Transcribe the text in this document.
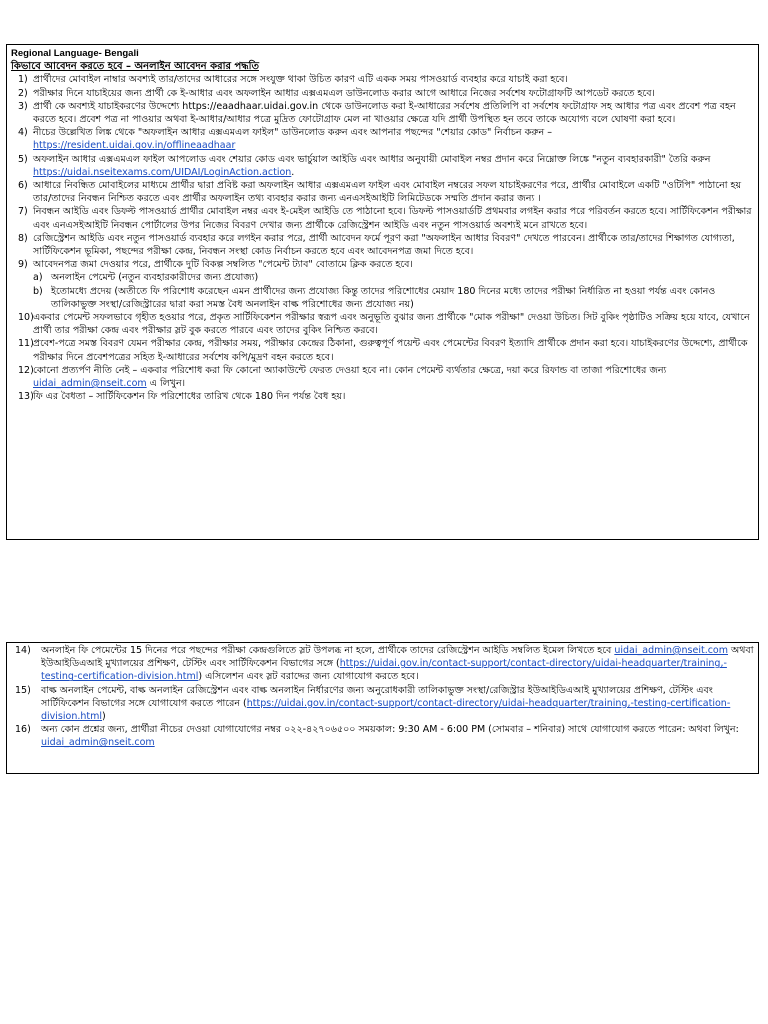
Regional Language- Bengali
কিভাবে আবেদন করতে হবে – অনলাইন আবেদন করার পদ্ধতি
1) প্রার্থীদের মোবাইল নাম্বার অবশ্যই তার/তাদের আধারের সঙ্গে সংযুক্ত থাকা উচিত কারণ এটি একক সময় পাসওয়ার্ড ব্যবহার করে যাচাই করা হবে।
2) পরীক্ষার দিনে যাচাইয়ের জন্য প্রার্থী কে ই-আধার এবং অফলাইন আধার এক্সএমএল ডাউনলোড করার আগে আধারে নিজের সর্বশেষ ফটোগ্রাফটি আপডেট করতে হবে।
3) প্রার্থী কে অবশ্যই যাচাইকরণের উদ্দেশ্যে https://eaadhaar.uidai.gov.in থেকে ডাউনলোড করা ই-আধারের সর্বশেষ প্রতিলিপি বা সর্বশেষ ফটোগ্রাফ সহ আধার পত্র এবং প্রবেশ পত্র বহন করতে হবে। প্রবেশ পত্র না পাওয়ার অথবা ই-আধার/আধার পত্রে মুদ্রিত ফোটোগ্রাফ মেল না খাওয়ার ক্ষেত্রে যদি প্রার্থী উপস্থিত হন তবে তাকে অযোগ্য বলে ঘোষণা করা হবে।
4) নীচের উল্লেখিত লিঙ্ক থেকে "অফলাইন আধার এক্সএমএল ফাইল" ডাউনলোড করুন এবং আপনার পছন্দের "শেয়ার কোড" নির্বাচন করুন – https://resident.uidai.gov.in/offlineaadhaar
5) অফলাইন আধার এক্সএমএল ফাইল আপলোড এবং শেয়ার কোড এবং ভার্চুয়াল আইডি এবং আধার অনুযায়ী মোবাইল নম্বর প্রদান করে নিম্নোক্ত লিঙ্কে "নতুন ব্যবহারকারী" তৈরি করুন https://uidai.nseitexams.com/UIDAI/LoginAction.action.
6) আধারে নিবন্ধিত মোবাইলের মাধ্যমে প্রার্থীর দ্বারা প্রবিষ্ট করা অফলাইন আধার এক্সএমএল ফাইল এবং মোবাইল নম্বরের সফল যাচাইকরণের পরে, প্রার্থীর মোবাইলে একটি "ওটিপি" পাঠানো হয় তার/তাদের নিবন্ধন নিশ্চিত করতে এবং প্রার্থীর অফলাইন তথ্য ব্যবহার করার জন্য এনএসইআইটি লিমিটেডকে সম্মতি প্রদান করার জন্য ।
7) নিবন্ধন আইডি এবং ডিফল্ট পাসওয়ার্ড প্রার্থীর মোবাইল নম্বর এবং ই-মেইল আইডি তে পাঠানো হবে। ডিফল্ট পাসওয়ার্ডটি প্রথমবার লগইন করার পরে পরিবর্তন করতে হবে। সার্টিফিকেশন পরীক্ষার এবং এনএসইআইটি নিবন্ধন পোর্টালের উপর নিজের বিবরণ দেখার জন্য প্রার্থীকে রেজিস্ট্রেশন আইডি এবং নতুন পাসওয়ার্ড অবশ্যই মনে রাখতে হবে।
8) রেজিস্ট্রেশন আইডি এবং নতুন পাসওয়ার্ড ব্যবহার করে লগইন করার পরে, প্রার্থী আবেদন ফর্মে পূরণ করা "অফলাইন আধার বিবরণ" দেখতে পারবেন। প্রার্থীকে তার/তাদের শিক্ষাগত যোগ্যতা, সার্টিফিকেশন ভূমিকা, পছন্দের পরীক্ষা কেন্দ্র, নিবন্ধন সংস্থা কোড নির্বাচন করতে হবে এবং আবেদনপত্র জমা দিতে হবে।
9) আবেদনপত্র জমা দেওয়ার পরে, প্রার্থীকে দুটি বিকল্প সম্বলিত "পেমেন্ট ট্যাব" বোতামে ক্লিক করতে হবে।
a) অনলাইন পেমেন্ট (নতুন ব্যবহারকারীদের জন্য প্রযোজ্য)
b) ইতোমধ্যে প্রদেয় (অতীতে ফি পরিশোধ করেছেন এমন প্রার্থীদের জন্য প্রযোজ্য কিন্তু তাদের পরিশোধের মেয়াদ 180 দিনের মধ্যে তাদের পরীক্ষা নির্ধারিত না হওয়া পর্যন্ত এবং কোনও তালিকাভুক্ত সংস্থা/রেজিস্ট্রারের দ্বারা করা সমস্ত বৈধ অনলাইন বাল্ক পরিশোধের জন্য প্রযোজ্য নয়)
10) একবার পেমেন্ট সফলভাবে গৃহীত হওয়ার পরে, প্রকৃত সার্টিফিকেশন পরীক্ষার স্বরূপ এবং অনুভূতি বুঝার জন্য প্রার্থীকে "মোক পরীক্ষা" দেওয়া উচিত। সিট বুকিং পৃষ্ঠাটিও সক্রিয় হয়ে যাবে, যেখানে প্রার্থী তার পরীক্ষা কেন্দ্র এবং পরীক্ষার স্লট বুক করতে পারবে এবং তাদের বুকিং নিশ্চিত করবে।
11) প্রবেশ-পত্রে সমস্ত বিবরণ যেমন পরীক্ষার কেন্দ্র, পরীক্ষার সময়, পরীক্ষার কেন্দ্রের ঠিকানা, গুরুত্বপূর্ণ পয়েন্ট এবং পেমেন্টের বিবরণ ইত্যাদি প্রার্থীকে প্রদান করা হবে। যাচাইকরণের উদ্দেশ্যে, প্রার্থীকে পরীক্ষার দিনে প্রবেশপত্রের সহিত ই-আধারের সর্বশেষ কপি/মুদ্রণ বহন করতে হবে।
12) কোনো প্রত্যর্পণ নীতি নেই – একবার পরিশোধ করা ফি কোনো অ্যাকাউন্টে ফেরত দেওয়া হবে না। কোন পেমেন্ট ব্যর্থতার ক্ষেত্রে, দয়া করে রিফান্ড বা তাজা পরিশোধের জন্য uidai_admin@nseit.com এ লিখুন।
13) ফি এর বৈধতা – সার্টিফিকেশন ফি পরিশোধের তারিখ থেকে 180 দিন পর্যন্ত বৈধ হয়।
14) অনলাইন ফি পেমেন্টের 15 দিনের পরে পছন্দের পরীক্ষা কেন্দ্রগুলিতে স্লট উপলব্ধ না হলে, প্রার্থীকে তাদের রেজিস্ট্রেশন আইডি সম্বলিত ইমেল লিখতে হবে uidai_admin@nseit.com অথবা ইউআইডিএআই মুখ্যালয়ের প্রশিক্ষণ, টেস্টিং এবং সার্টিফিকেশন বিভাগের সঙ্গে (https://uidai.gov.in/contact-support/contact-directory/uidai-headquarter/training,-testing-certification-division.html) এসিলেশন এবং স্লট বরাদ্দের জন্য যোগাযোগ করতে হবে।
15) বাল্ক অনলাইন পেমেন্ট, বাল্ক অনলাইন রেজিস্ট্রেশন এবং বাল্ক অনলাইন নির্ধারণের জন্য অনুরোধকারী তালিকাভুক্ত সংস্থা/রেজিস্ট্রার ইউআইডিএআই মুখ্যালয়ের প্রশিক্ষণ, টেস্টিং এবং সার্টিফিকেশন বিভাগের সঙ্গে যোগাযোগ করতে পারেন (https://uidai.gov.in/contact-support/contact-directory/uidai-headquarter/training,-testing-certification-division.html)
16) অন্য কোন প্রশ্নের জন্য, প্রার্থীরা নীচের দেওয়া যোগাযোগের নম্বর ০২২-৪২৭০৬৫০০ সময়কাল: 9:30 AM - 6:00 PM (সোমবার – শনিবার) সাথে যোগাযোগ করতে পারেন: অথবা লিখুন: uidai_admin@nseit.com
